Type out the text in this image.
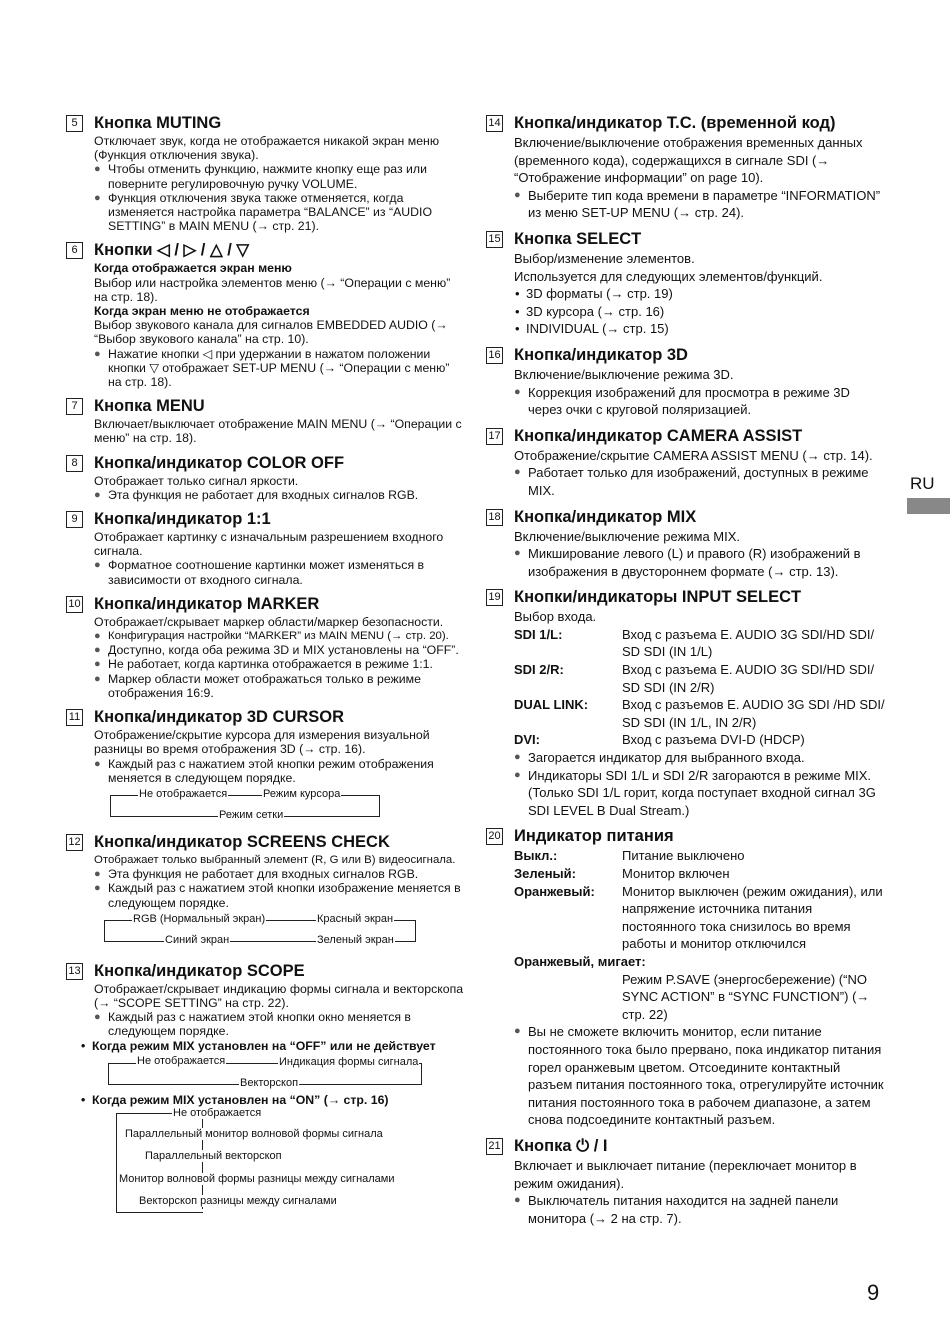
5 Кнопка MUTING
Отключает звук, когда не отображается никакой экран меню (Функция отключения звука).
● Чтобы отменить функцию, нажмите кнопку еще раз или поверните регулировочную ручку VOLUME.
● Функция отключения звука также отменяется, когда изменяется настройка параметра “BALANCE” из “AUDIO SETTING” в MAIN MENU (→ стр. 21).
6 Кнопки ◁ / ▷ / △ / ▽
Когда отображается экран меню
Выбор или настройка элементов меню (→ “Операции с меню” на стр. 18).
Когда экран меню не отображается
Выбор звукового канала для сигналов EMBEDDED AUDIO (→ “Выбор звукового канала” на стр. 10).
● Нажатие кнопки ◁ при удержании в нажатом положении кнопки ▽ отображает SET-UP MENU (→ “Операции с меню” на стр. 18).
7 Кнопка MENU
Включает/выключает отображение MAIN MENU (→ “Операции с меню” на стр. 18).
8 Кнопка/индикатор COLOR OFF
Отображает только сигнал яркости.
● Эта функция не работает для входных сигналов RGB.
9 Кнопка/индикатор 1:1
Отображает картинку с изначальным разрешением входного сигнала.
● Форматное соотношение картинки может изменяться в зависимости от входного сигнала.
10 Кнопка/индикатор MARKER
Отображает/скрывает маркер области/маркер безопасности.
● Конфигурация настройки “MARKER” из MAIN MENU (→ стр. 20).
● Доступно, когда оба режима 3D и MIX установлены на “OFF”.
● Не работает, когда картинка отображается в режиме 1:1.
● Маркер области может отображаться только в режиме отображения 16:9.
11 Кнопка/индикатор 3D CURSOR
Отображение/скрытие курсора для измерения визуальной разницы во время отображения 3D (→ стр. 16).
● Каждый раз с нажатием этой кнопки режим отображения меняется в следующем порядке.
Не отображается	Режим курсора
Режим сетки
12 Кнопка/индикатор SCREENS CHECK
Отображает только выбранный элемент (R, G или B) видеосигнала.
● Эта функция не работает для входных сигналов RGB.
● Каждый раз с нажатием этой кнопки изображение меняется в следующем порядке.
RGB (Нормальный экран)	Красный экран
Синий экран	Зеленый экран
13 Кнопка/индикатор SCOPE
Отображает/скрывает индикацию формы сигнала и векторскопа (→ “SCOPE SETTING” на стр. 22).
● Каждый раз с нажатием этой кнопки окно меняется в следующем порядке.
• Когда режим MIX установлен на “OFF” или не действует
Не отображается	Индикация формы сигнала
Векторскоп
• Когда режим MIX установлен на “ON” (→ стр. 16)
Не отображается
Параллельный монитор волновой формы сигнала
Параллельный векторскоп
Монитор волновой формы разницы между сигналами
Векторскоп разницы между сигналами
14 Кнопка/индикатор T.C. (временной код)
Включение/выключение отображения временных данных (временного кода), содержащихся в сигнале SDI (→ “Отображение информации” on page 10).
● Выберите тип кода времени в параметре “INFORMATION” из меню SET-UP MENU (→ стр. 24).
15 Кнопка SELECT
Выбор/изменение элементов.
Используется для следующих элементов/функций.
• 3D форматы (→ стр. 19)
• 3D курсора (→ стр. 16)
• INDIVIDUAL (→ стр. 15)
16 Кнопка/индикатор 3D
Включение/выключение режима 3D.
● Коррекция изображений для просмотра в режиме 3D через очки с круговой поляризацией.
17 Кнопка/индикатор CAMERA ASSIST
Отображение/скрытие CAMERA ASSIST MENU (→ стр. 14).
● Работает только для изображений, доступных в режиме MIX.
18 Кнопка/индикатор MIX
Включение/выключение режима MIX.
● Микширование левого (L) и правого (R) изображений в изображения в двустороннем формате (→ стр. 13).
19 Кнопки/индикаторы INPUT SELECT
Выбор входа.
SDI 1/L:	Вход с разъема E. AUDIO 3G SDI/HD SDI/ SD SDI (IN 1/L)
SDI 2/R:	Вход с разъема E. AUDIO 3G SDI/HD SDI/ SD SDI (IN 2/R)
DUAL LINK:	Вход с разъемов E. AUDIO 3G SDI /HD SDI/ SD SDI (IN 1/L, IN 2/R)
DVI:	Вход с разъема DVI-D (HDCP)
● Загорается индикатор для выбранного входа.
● Индикаторы SDI 1/L и SDI 2/R загораются в режиме MIX. (Только SDI 1/L горит, когда поступает входной сигнал 3G SDI LEVEL B Dual Stream.)
20 Индикатор питания
Выкл.:	Питание выключено
Зеленый:	Монитор включен
Оранжевый:	Монитор выключен (режим ожидания), или напряжение источника питания постоянного тока снизилось во время работы и монитор отключился
Оранжевый, мигает:
Режим P.SAVE (энергосбережение) (“NO SYNC ACTION” в “SYNC FUNCTION”) (→ стр. 22)
● Вы не сможете включить монитор, если питание постоянного тока было прервано, пока индикатор питания горел оранжевым цветом. Отсоедините контактный разъем питания постоянного тока, отрегулируйте источник питания постоянного тока в рабочем диапазоне, а затем снова подсоедините контактный разъем.
21 Кнопка ⏻ / I
Включает и выключает питание (переключает монитор в режим ожидания).
● Выключатель питания находится на задней панели монитора (→ 2 на стр. 7).
RU
9
